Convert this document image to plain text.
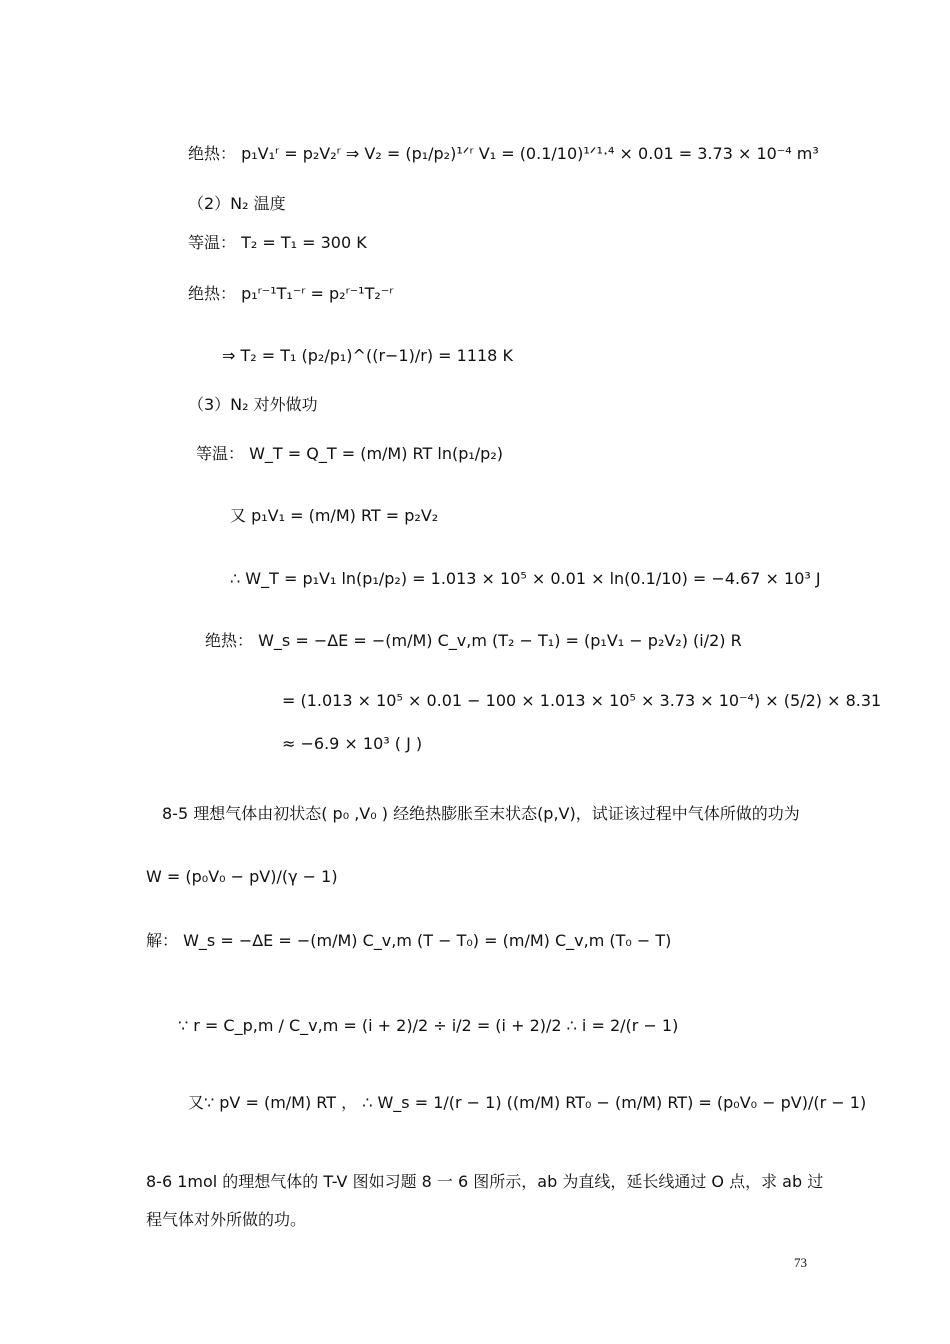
绝热： p₁V₁ʳ = p₂V₂ʳ ⇒ V₂ = (p₁/p₂)¹ᐟʳ V₁ = (0.1/10)¹ᐟ¹·⁴ × 0.01 = 3.73 × 10⁻⁴ m³
（2）N₂ 温度
等温： T₂ = T₁ = 300 K
绝热： p₁ʳ⁻¹T₁⁻ʳ = p₂ʳ⁻¹T₂⁻ʳ
⇒ T₂ = T₁ (p₂/p₁)^((r−1)/r) = 1118 K
（3）N₂ 对外做功
等温： W_T = Q_T = (m/M) RT ln(p₁/p₂)
又 p₁V₁ = (m/M) RT = p₂V₂
∴ W_T = p₁V₁ ln(p₁/p₂) = 1.013 × 10⁵ × 0.01 × ln(0.1/10) = −4.67 × 10³ J
绝热： W_s = −ΔE = −(m/M) C_v,m (T₂ − T₁) = (p₁V₁ − p₂V₂) (i/2) R
= (1.013 × 10⁵ × 0.01 − 100 × 1.013 × 10⁵ × 3.73 × 10⁻⁴) × (5/2) × 8.31
≈ −6.9 × 10³ ( J )
8-5 理想气体由初状态( p₀ ,V₀ ) 经绝热膨胀至末状态(p,V)，试证该过程中气体所做的功为
W = (p₀V₀ − pV)/(γ − 1)
解： W_s = −ΔE = −(m/M) C_v,m (T − T₀) = (m/M) C_v,m (T₀ − T)
∵ r = C_p,m / C_v,m = (i + 2)/2 ÷ i/2 = (i + 2)/2 ∴ i = 2/(r − 1)
又∵ pV = (m/M) RT ， ∴ W_s = 1/(r − 1) ((m/M) RT₀ − (m/M) RT) = (p₀V₀ − pV)/(r − 1)
8-6 1mol 的理想气体的 T-V 图如习题 8 一 6 图所示，ab 为直线，延长线通过 O 点，求 ab 过
程气体对外所做的功。
73
